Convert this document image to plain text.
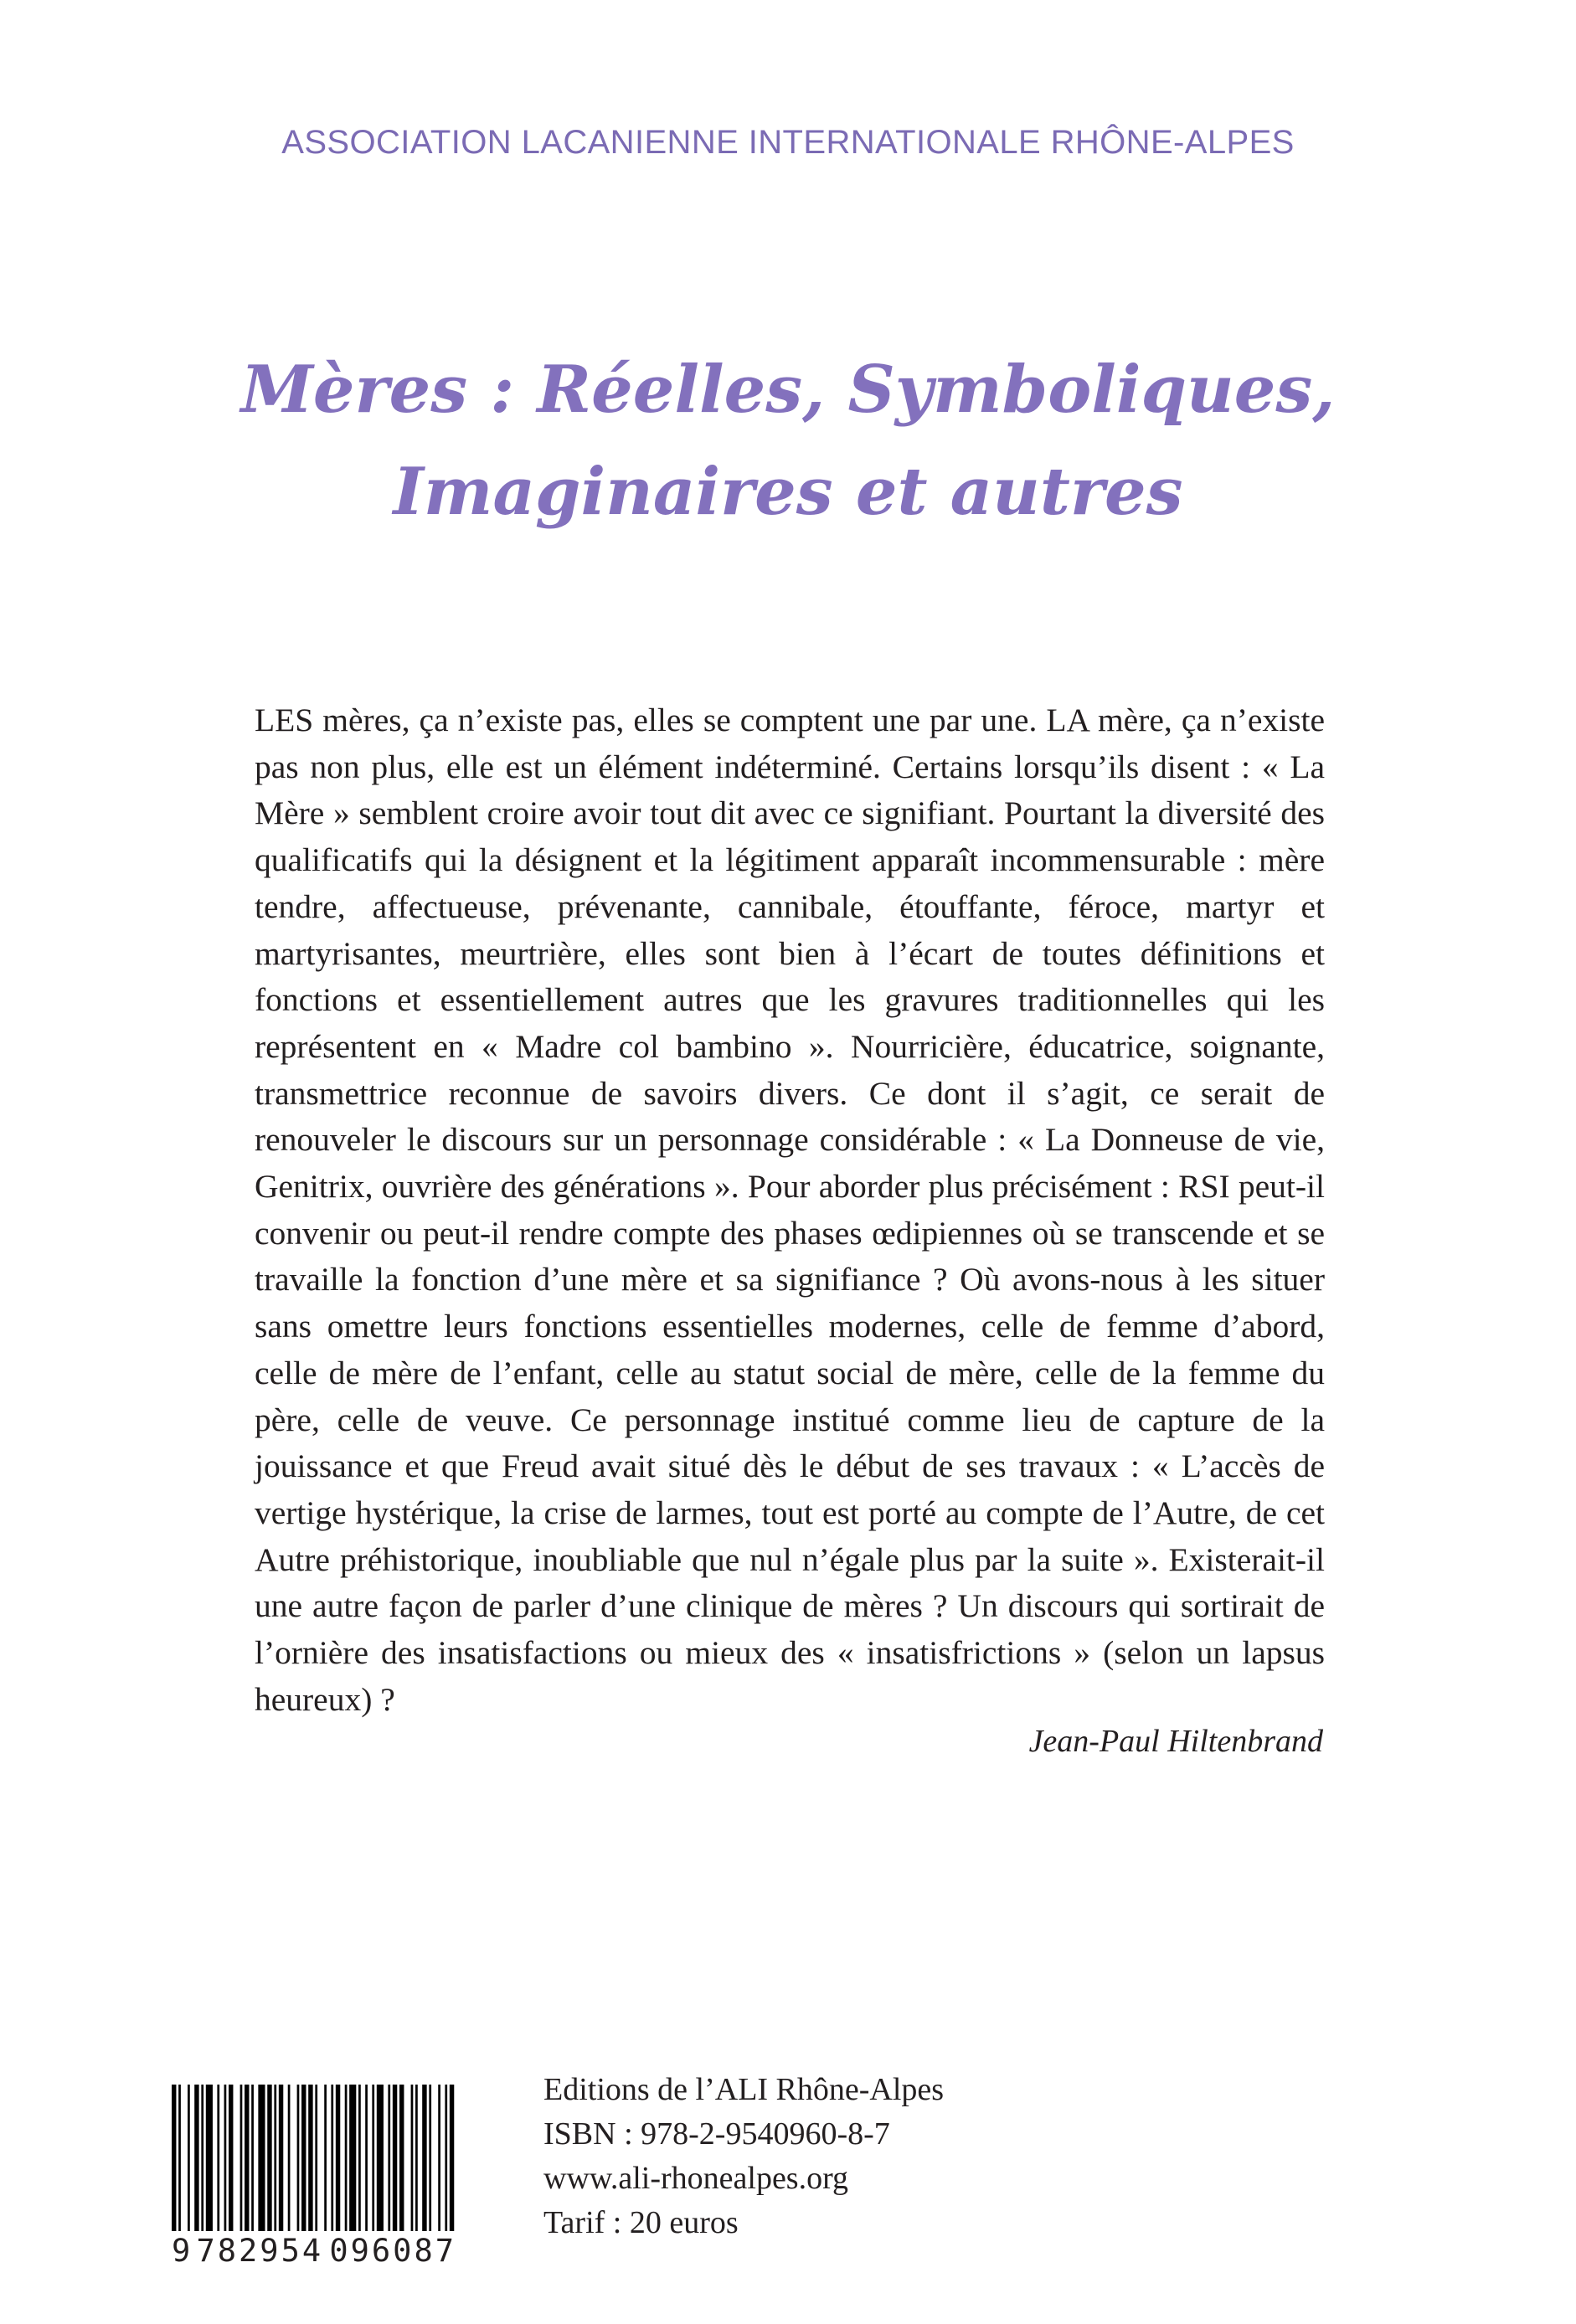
ASSOCIATION LACANIENNE INTERNATIONALE RHÔNE-ALPES
Mères : Réelles, Symboliques,
Imaginaires et autres

LES mères, ça n’existe pas, elles se comptent une par une. LA mère, ça n’existe pas non plus, elle est un élément indéterminé. Certains lorsqu’ils disent : « La Mère » semblent croire avoir tout dit avec ce signifiant. Pourtant la diversité des qualificatifs qui la désignent et la légitiment apparaît incommensurable : mère tendre, affectueuse, prévenante, cannibale, étouffante, féroce, martyr et martyrisantes, meurtrière, elles sont bien à l’écart de toutes définitions et fonctions et essentiellement autres que les gravures traditionnelles qui les représentent en « Madre col bambino ». Nourricière, éducatrice, soignante, transmettrice reconnue de savoirs divers. Ce dont il s’agit, ce serait de renouveler le discours sur un personnage considérable : « La Donneuse de vie, Genitrix, ouvrière des générations ». Pour aborder plus précisément : RSI peut-il convenir ou peut-il rendre compte des phases œdipiennes où se transcende et se travaille la fonction d’une mère et sa signifiance ? Où avons-nous à les situer sans omettre leurs fonctions essentielles modernes, celle de femme d’abord, celle de mère de l’enfant, celle au statut social de mère, celle de la femme du père, celle de veuve. Ce personnage institué comme lieu de capture de la jouissance et que Freud avait situé dès le début de ses travaux : « L’accès de vertige hystérique, la crise de larmes, tout est porté au compte de l’Autre, de cet Autre préhistorique, inoubliable que nul n’égale plus par la suite ». Existerait-il une autre façon de parler d’une clinique de mères ? Un discours qui sortirait de l’ornière des insatisfactions ou mieux des « insatisfrictions » (selon un lapsus heureux) ?

Jean-Paul Hiltenbrand
9 782954 096087
Editions de l’ALI Rhône-Alpes
ISBN : 978-2-9540960-8-7
www.ali-rhonealpes.org
Tarif : 20 euros
